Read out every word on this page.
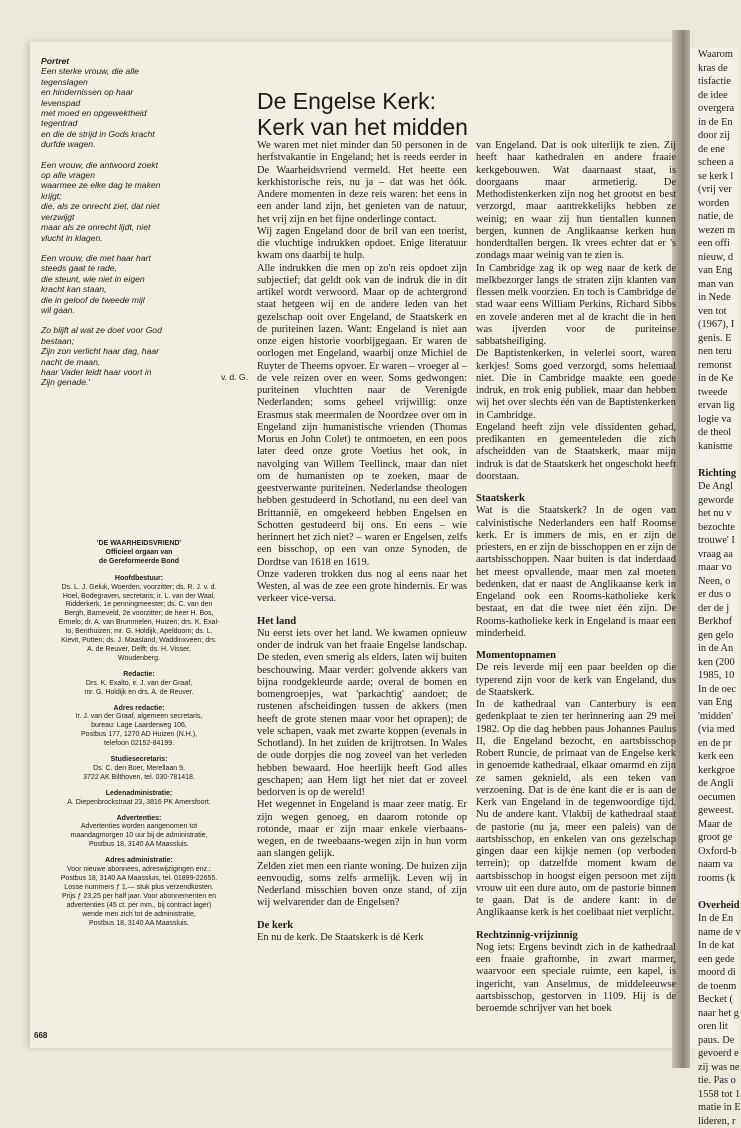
Waarom
kras de
tisfactie
de idee
overgera
in de En
door zij
de ene
scheen a
se kerk l
(vrij ver
worden
natie, de
wezen m
een offi
nieuw, d
van Eng
man van
in Nede
ven tot
(1967), I
genis. E
nen teru
remonst
in de Ke
tweede
ervan lig
logie va
de theol
kanisme
Richting
De Angl
geworde
het nu v
bezochte
trouwe' I
vraag aa
maar vo
Neen, o
er dus o
der de j
Berkhof
gen gelo
in de An
ken (200
1985, 10
In de oec
van Eng
'midden'
(via med
en de pr
kerk een
kerkgroe
de Angli
oecumen
geweest.
Maar de
groot ge
Oxford-b
naam va
rooms (k
Overheid
In de En
name de v
In de kat
een gede
moord di
de toenm
Becket (
naar het g
oren lit
paus. De
gevoerd e
zij was ne
tie. Pas o
1558 tot 1
matie in E
lideren, r
Portret
Een sterke vrouw, die alle
tegenslagen
en hindernissen op haar
levenspad
met moed en opgewektheid
tegentrad
en die de strijd in Gods kracht
durfde wagen.
Een vrouw, die antwoord zoekt
op alle vragen
waarmee ze elke dag te maken
krijgt;
die, als ze onrecht ziet, dat niet
verzwijgt
maar als ze onrecht lijdt, niet
vlucht in klagen.
Een vrouw, die met haar hart
steeds gaat te rade,
die steunt, wie niet in eigen
kracht kan staan,
die in geloof de tweede mijl
wil gaan.
Zo blijft al wat ze doet voor God
bestaan;
Zijn zon verlicht haar dag, haar
nacht de maan,
haar Vader leidt haar voort in
Zijn genade.'
v. d. G.
'DE WAARHEIDSVRIEND'
Officieel orgaan van
de Gereformeerde Bond
Hoofdbestuur:
Ds. L. J. Geluk, Woerden, voorzitter; ds. R. J. v. d.
Hoel, Bodegraven, secretaris; ir. L. van der Waal,
Ridderkerk, 1e penningmeester; ds. C. van den
Bergh, Barneveld, 2e voorzitter; de heer H. Bos,
Ermelo; dr. A. van Brummelen, Huizen; drs. K. Exal-
to, Benthuizen; mr. G. Holdijk, Apeldoorn; ds. L.
Kievit, Putten; ds. J. Maasland, Waddinxveen; drs.
A. de Reuver, Delft; ds. H. Visser,
Woudenberg.
Redactie:
Drs. K. Exalto, ir. J. van der Graaf,
mr. G. Holdijk en drs. A. de Reuver.
Adres redactie:
Ir. J. van der Graaf, algemeen secretaris,
bureau: Lage Laarderweg 106,
Postbus 177, 1270 AD Huizen (N.H.),
telefoon 02152-84199.
Studiesecretaris:
Ds. C. den Boer, Merellaan 9,
3722 AK Bilthoven, tel. 030-781418.
Ledenadministratie:
A. Diepenbrockstraat 23, 3816 PK Amersfoort.
Advertenties:
Advertenties worden aangenomen tot
maandagmorgen 10 uur bij de administratie,
Postbus 18, 3140 AA Maassluis.
Adres administratie:
Voor nieuwe abonnees, adreswijzigingen enz.:
Postbus 18, 3140 AA Maassluis, tel. 01899-22655.
Losse nummers ƒ 1,— stuk plus verzendkosten.
Prijs ƒ 23,25 per half jaar. Voor abonnementen en
advertenties (45 ct. per mm., bij contract lager)
wende men zich tot de administratie,
Postbus 18, 3140 AA Maassluis.
668
De Engelse Kerk:
Kerk van het midden

We waren met niet minder dan 50 personen in de herfstvakantie in Engeland; het is reeds eerder in De Waarheidsvriend vermeld. Het heette een kerkhistorische reis, nu ja – dat was het óók. Andere momenten in deze reis waren: het eens in een ander land zijn, het genieten van de natuur, het vrij zijn en het fijne onderlinge contact.

Wij zagen Engeland door de bril van een toerist, die vluchtige indrukken opdoet. Enige literatuur kwam ons daarbij te hulp.

Alle indrukken die men op zo'n reis opdoet zijn subjectief; dat geldt ook van de indruk die in dit artikel wordt verwoord. Maar op de achtergrond staat hetgeen wij en de andere leden van het gezelschap ooit over Engeland, de Staatskerk en de puriteinen lazen. Want: Engeland is niet aan onze eigen historie voorbijgegaan. Er waren de oorlogen met Engeland, waarbij onze Michiel de Ruyter de Theems opvoer. Er waren – vroeger al – de vele reizen over en weer. Soms gedwongen: puriteinen vluchtten naar de Verenigde Nederlanden; soms geheel vrijwillig: onze Erasmus stak meermalen de Noordzee over om in Engeland zijn humanistische vrienden (Thomas Morus en John Colet) te ontmoeten, en een poos later deed onze grote Voetius het ook, in navolging van Willem Teellinck, maar dan niet om de humanisten op te zoeken, maar de geestverwante puriteinen. Nederlandse theologen hebben gestudeerd in Schotland, nu een deel van Brittannië, en omgekeerd hebben Engelsen en Schotten gestudeerd bij ons. En eens – wie herinnert het zich niet? – waren er Engelsen, zelfs een bisschop, op een van onze Synoden, de Dordtse van 1618 en 1619.

Onze vaderen trokken dus nog al eens naar het Westen, al was de zee een grote hindernis. Er was verkeer vice-versa.

Het land

Nu eerst iets over het land. We kwamen opnieuw onder de indruk van het fraaie Engelse landschap. De steden, even smerig als elders, laten wij buiten beschouwing. Maar verder: golvende akkers van bijna roodgekleurde aarde; overal de bomen en bomengroepjes, wat 'parkachtig' aandoet; de rustenen afscheidingen tussen de akkers (men heeft de grote stenen maar voor het oprapen); de vele schapen, vaak met zwarte koppen (evenals in Schotland). In het zuiden de krijtrotsen. In Wales de oude dorpjes die nog zoveel van het verleden hebben bewaard. Hoe heerlijk heeft God alles geschapen; aan Hem ligt het niet dat er zoveel bedorven is op de wereld!

Het wegennet in Engeland is maar zeer matig. Er zijn wegen genoeg, en daarom rotonde op rotonde, maar er zijn maar enkele vierbaans-wegen, en de tweebaans-wegen zijn in hun vorm aan slangen gelijk.

Zelden ziet men een riante woning. De huizen zijn eenvoudig, soms zelfs armelijk. Leven wij in Nederland misschien boven onze stand, of zijn wij welvarender dan de Engelsen?

De kerk

En nu de kerk. De Staatskerk is dé Kerk

van Engeland. Dat is ook uiterlijk te zien. Zij heeft haar kathedralen en andere fraaie kerkgebouwen. Wat daarnaast staat, is doorgaans maar armetierig. De Methodistenkerken zijn nog het grootst en best verzorgd, maar aantrekkelijks hebben ze weinig; en waar zij hun tientallen kunnen bergen, kunnen de Anglikaanse kerken hun honderdtallen bergen. Ik vrees echter dat er 's zondags maar weinig van te zien is.

In Cambridge zag ik op weg naar de kerk de melkbezorger langs de straten zijn klanten van flessen melk voorzien. En toch is Cambridge de stad waar eens William Perkins, Richard Sibbs en zovele anderen met al de kracht die in hen was ijverden voor de puriteinse sabbatsheiliging.

De Baptistenkerken, in velerlei soort, waren kerkjes! Soms goed verzorgd, soms helemaal niet. Die in Cambridge maakte een goede indruk, en trok enig publiek, maar dan hebben wij het over slechts één van de Baptistenkerken in Cambridge.

Engeland heeft zijn vele dissidenten gehad, predikanten en gemeenteleden die zich afscheidden van de Staatskerk, maar mijn indruk is dat de Staatskerk het ongeschokt heeft doorstaan.

Staatskerk

Wat is die Staatskerk? In de ogen van calvinistische Nederlanders een half Roomse kerk. Er is immers de mis, en er zijn de priesters, en er zijn de bisschoppen en er zijn de aartsbisschoppen. Naar buiten is dat inderdaad het meest opvallende, maar men zal moeten bedenken, dat er naast de Anglikaanse kerk in Engeland ook een Rooms-katholieke kerk bestaat, en dat die twee niet één zijn. De Rooms-katholieke kerk in Engeland is maar een minderheid.

Momentopnamen

De reis leverde mij een paar beelden op die typerend zijn voor de kerk van Engeland, dus de Staatskerk.

In de kathedraal van Canterbury is een gedenkplaat te zien ter herinnering aan 29 mei 1982. Op die dag hebben paus Johannes Paulus II, die Engeland bezocht, en aartsbisschop Robert Runcie, de primaat van de Engelse kerk in genoemde kathedraal, elkaar omarmd en zijn ze samen geknield, als een teken van verzoening. Dat is de éne kant die er is aan de Kerk van Engeland in de tegenwoordige tijd. Nu de andere kant. Vlakbij de kathedraal staat de pastorie (nu ja, meer een paleis) van de aartsbisschop, en enkelen van ons gezelschap gingen daar een kijkje nemen (op verboden terrein); op datzelfde moment kwam de aartsbisschop in hoogst eigen persoon met zijn vrouw uit een dure auto, om de pastorie binnen te gaan. Dat is de andere kant: in de Anglikaanse kerk is het coelibaat niet verplicht.

Rechtzinnig-vrijzinnig

Nog iets: Ergens bevindt zich in de kathedraal een fraaie graftombe, in zwart marmer, waarvoor een speciale ruimte, een kapel, is ingericht, van Anselmus, de middeleeuwse aartsbisschop, gestorven in 1109. Hij is de beroemde schrijver van het boek
